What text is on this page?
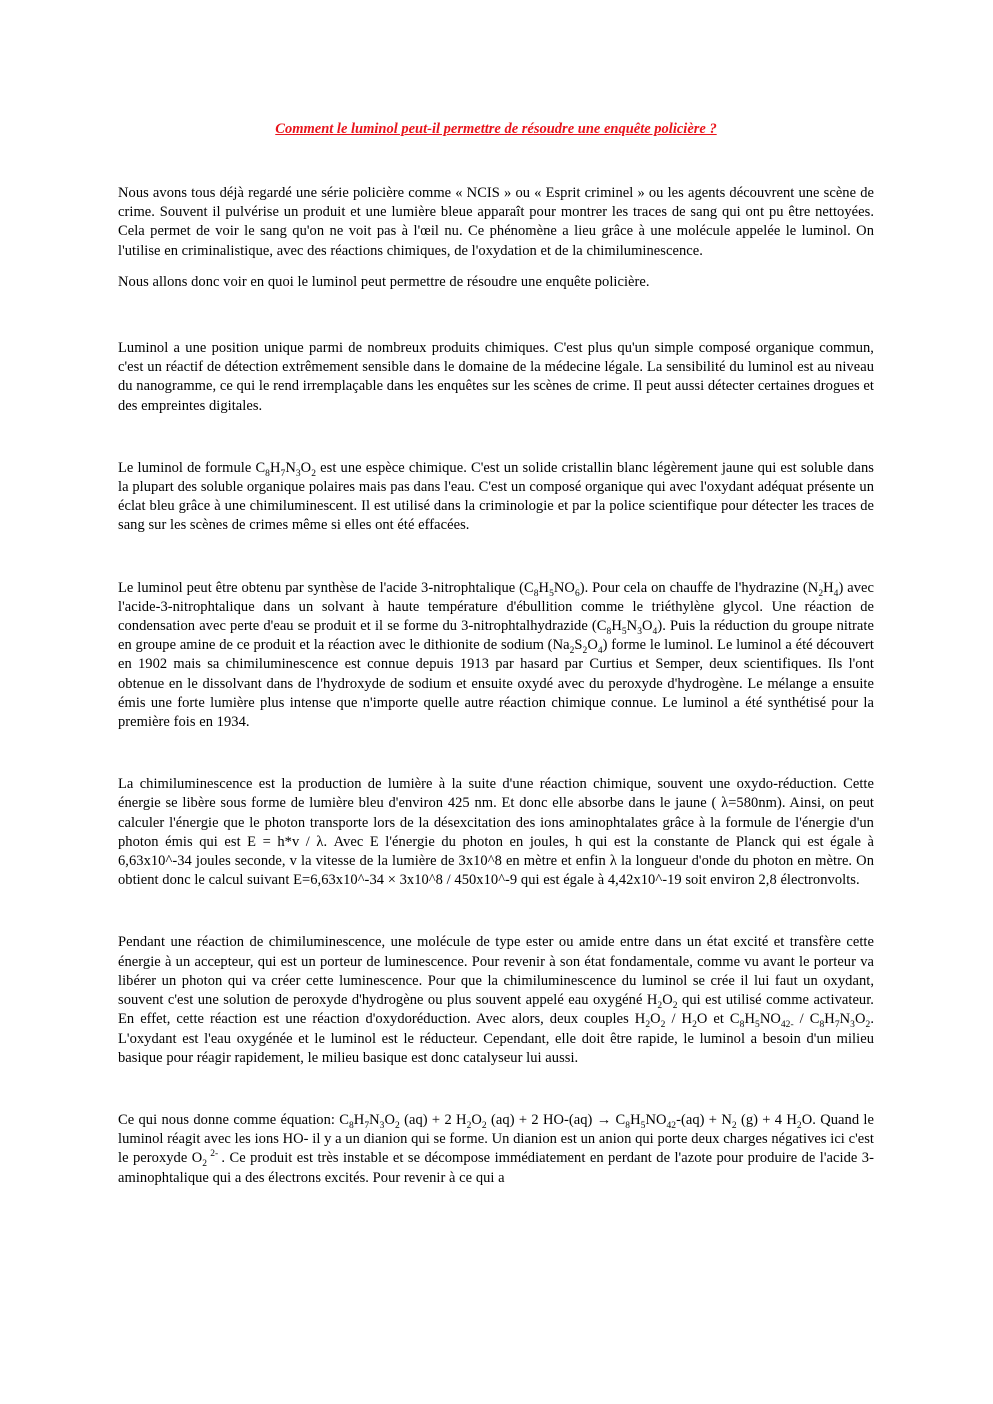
Comment le luminol peut-il permettre de résoudre une enquête policière ?

Nous avons tous déjà regardé une série policière comme « NCIS » ou « Esprit criminel » ou les agents découvrent une scène de crime. Souvent il pulvérise un produit et une lumière bleue apparaît pour montrer les traces de sang qui ont pu être nettoyées. Cela permet de voir le sang qu'on ne voit pas à l'œil nu. Ce phénomène a lieu grâce à une molécule appelée le luminol. On l'utilise en criminalistique, avec des réactions chimiques, de l'oxydation et de la chimiluminescence.

Nous allons donc voir en quoi le luminol peut permettre de résoudre une enquête policière.

Luminol a une position unique parmi de nombreux produits chimiques. C'est plus qu'un simple composé organique commun, c'est un réactif de détection extrêmement sensible dans le domaine de la médecine légale. La sensibilité du luminol est au niveau du nanogramme, ce qui le rend irremplaçable dans les enquêtes sur les scènes de crime. Il peut aussi détecter certaines drogues et des empreintes digitales.

Le luminol de formule $C_8H_7N_3O_2$ est une espèce chimique. C'est un solide cristallin blanc légèrement jaune qui est soluble dans la plupart des soluble organique polaires mais pas dans l'eau. C'est un composé organique qui avec l'oxydant adéquat présente un éclat bleu grâce à une chimiluminescent. Il est utilisé dans la criminologie et par la police scientifique pour détecter les traces de sang sur les scènes de crimes même si elles ont été effacées.

Le luminol peut être obtenu par synthèse de l'acide 3-nitrophtalique $(C_8H_5NO_6)$. Pour cela on chauffe de l'hydrazine $(N_2H_4)$ avec l'acide-3-nitrophtalique dans un solvant à haute température d'ébullition comme le triéthylène glycol. Une réaction de condensation avec perte d'eau se produit et il se forme du 3-nitrophtalhydrazide $(C_8H_5N_3O_4)$. Puis la réduction du groupe nitrate en groupe amine de ce produit et la réaction avec le dithionite de sodium $(Na_2S_2O_4)$ forme le luminol. Le luminol a été découvert en 1902 mais sa chimiluminescence est connue depuis 1913 par hasard par Curtius et Semper, deux scientifiques. Ils l'ont obtenue en le dissolvant dans de l'hydroxyde de sodium et ensuite oxydé avec du peroxyde d'hydrogène. Le mélange a ensuite émis une forte lumière plus intense que n'importe quelle autre réaction chimique connue. Le luminol a été synthétisé pour la première fois en 1934.

La chimiluminescence est la production de lumière à la suite d'une réaction chimique, souvent une oxydo-réduction. Cette énergie se libère sous forme de lumière bleu d'environ 425 nm. Et donc elle absorbe dans le jaune ( λ=580nm). Ainsi, on peut calculer l'énergie que le photon transporte lors de la désexcitation des ions aminophtalates grâce à la formule de l'énergie d'un photon émis qui est E = h*v / λ. Avec E l'énergie du photon en joules, h qui est la constante de Planck qui est égale à 6,63x10^-34 joules seconde, v la vitesse de la lumière de 3x10^8 en mètre et enfin λ la longueur d'onde du photon en mètre. On obtient donc le calcul suivant E=6,63x10^-34 × 3x10^8 / 450x10^-9 qui est égale à 4,42x10^-19 soit environ 2,8 électronvolts.

Pendant une réaction de chimiluminescence, une molécule de type ester ou amide entre dans un état excité et transfère cette énergie à un accepteur, qui est un porteur de luminescence. Pour revenir à son état fondamentale, comme vu avant le porteur va libérer un photon qui va créer cette luminescence. Pour que la chimiluminescence du luminol se crée il lui faut un oxydant, souvent c'est une solution de peroxyde d'hydrogène ou plus souvent appelé eau oxygéné $H_2O_2$ qui est utilisé comme activateur. En effet, cette réaction est une réaction d'oxydoréduction. Avec alors, deux couples $H_2O_2 / H_2O$ et $C_8H_5NO_{42-} / C_8H_7N_3O_2$. L'oxydant est l'eau oxygénée et le luminol est le réducteur. Cependant, elle doit être rapide, le luminol a besoin d'un milieu basique pour réagir rapidement, le milieu basique est donc catalyseur lui aussi.

Ce qui nous donne comme équation: $C_8H_7N_3O_2$ (aq) + 2 $H_2O_2$ (aq) + 2 $HO-(aq) \to C_8H_5NO_{42}-(aq) + N_2$ (g) + 4 $H_2O$. Quand le luminol réagit avec les ions HO- il y a un dianion qui se forme. Un dianion est un anion qui porte deux charges négatives ici c'est le peroxyde $O_2$ $^{2-}$ . Ce produit est très instable et se décompose immédiatement en perdant de l'azote pour produire de l'acide 3-aminophtalique qui a des électrons excités. Pour revenir à ce qui a
